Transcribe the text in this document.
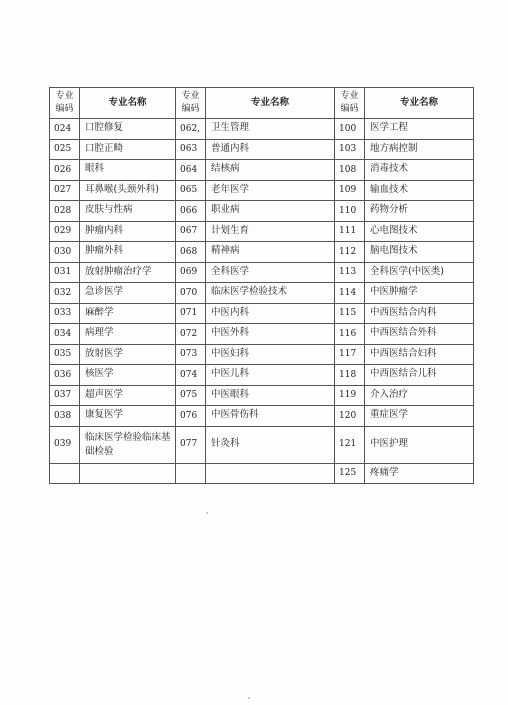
专业编码	专业名称	专业编码	专业名称	专业编码	专业名称
024	口腔修复	062,	卫生管理	100	医学工程
025	口腔正畸	063	普通内科	103	地方病控制
026	眼科	064	结核病	108	消毒技术
027	耳鼻喉(头颈外科)	065	老年医学	109	输血技术
028	皮肤与性病	066	职业病	110	药物分析
029	肿瘤内科	067	计划生育	111	心电图技术
030	肿瘤外科	068	精神病	112	脑电图技术
031	放射肿瘤治疗学	069	全科医学	113	全科医学(中医类)
032	急诊医学	070	临床医学检验技术	114	中医肿瘤学
033	麻醉学	071	中医内科	115	中西医结合内科
034	病理学	072	中医外科	116	中西医结合外科
035	放射医学	073	中医妇科	117	中西医结合妇科
036	核医学	074	中医儿科	118	中西医结合儿科
037	超声医学	075	中医眼科	119	介入治疗
038	康复医学	076	中医骨伤科	120	重症医学
039	临床医学检验临床基础检验	077	针灸科	121	中医护理
				125	疼痛学
